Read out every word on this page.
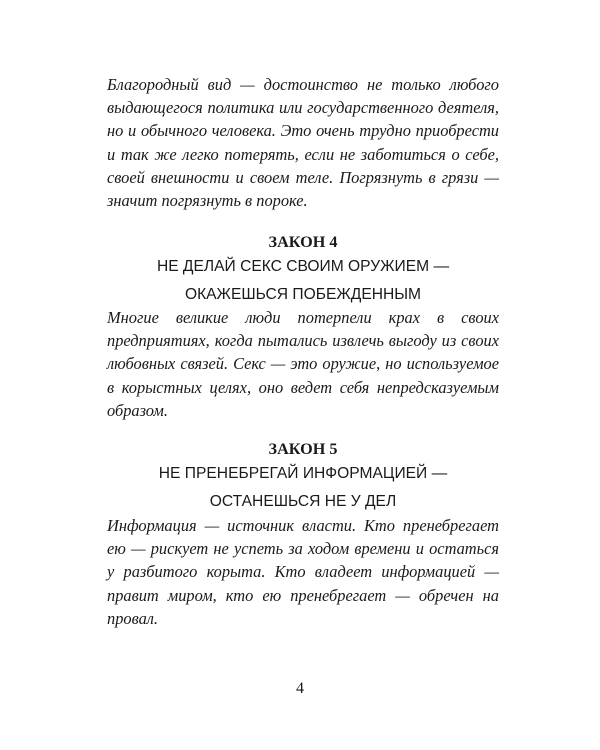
Благородный вид — достоинство не только любого выдающегося политика или государственного деятеля, но и обычного человека. Это очень трудно приобрести и так же легко потерять, если не заботиться о себе, своей внешности и своем теле. Погрязнуть в грязи — значит погрязнуть в пороке.

ЗАКОН 4

НЕ ДЕЛАЙ СЕКС СВОИМ ОРУЖИЕМ —
ОКАЖЕШЬСЯ ПОБЕЖДЕННЫМ

Многие великие люди потерпели крах в своих предприятиях, когда пытались извлечь выгоду из своих любовных связей. Секс — это оружие, но используемое в корыстных целях, оно ведет себя непредсказуемым образом.

ЗАКОН 5

НЕ ПРЕНЕБРЕГАЙ ИНФОРМАЦИЕЙ —
ОСТАНЕШЬСЯ НЕ У ДЕЛ

Информация — источник власти. Кто пренебрегает ею — рискует не успеть за ходом времени и остаться у разбитого корыта. Кто владеет информацией — правит миром, кто ею пренебрегает — обречен на провал.

4
